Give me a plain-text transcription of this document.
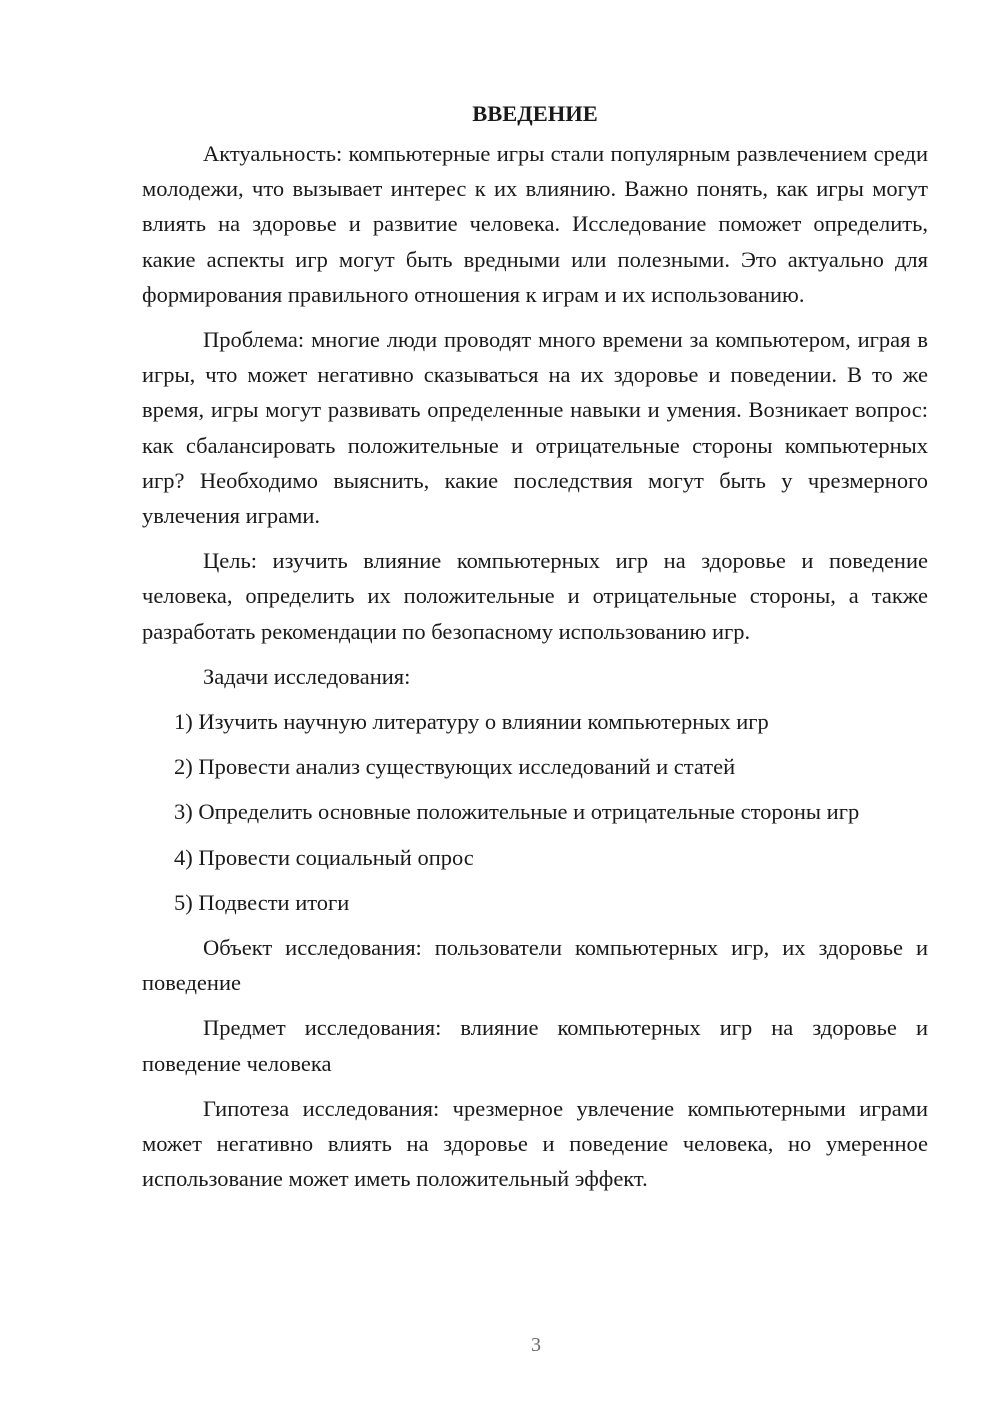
ВВЕДЕНИЕ

Актуальность: компьютерные игры стали популярным развлечением среди молодежи, что вызывает интерес к их влиянию. Важно понять, как игры могут влиять на здоровье и развитие человека. Исследование поможет определить, какие аспекты игр могут быть вредными или полезными. Это актуально для формирования правильного отношения к играм и их использованию.

Проблема: многие люди проводят много времени за компьютером, играя в игры, что может негативно сказываться на их здоровье и поведении. В то же время, игры могут развивать определенные навыки и умения. Возникает вопрос: как сбалансировать положительные и отрицательные стороны компьютерных игр? Необходимо выяснить, какие последствия могут быть у чрезмерного увлечения играми.

Цель: изучить влияние компьютерных игр на здоровье и поведение человека, определить их положительные и отрицательные стороны, а также разработать рекомендации по безопасному использованию игр.

Задачи исследования:

1) Изучить научную литературу о влиянии компьютерных игр

2) Провести анализ существующих исследований и статей

3) Определить основные положительные и отрицательные стороны игр

4) Провести социальный опрос

5) Подвести итоги

Объект исследования: пользователи компьютерных игр, их здоровье и поведение

Предмет исследования: влияние компьютерных игр на здоровье и поведение человека

Гипотеза исследования: чрезмерное увлечение компьютерными играми может негативно влиять на здоровье и поведение человека, но умеренное использование может иметь положительный эффект.

3
